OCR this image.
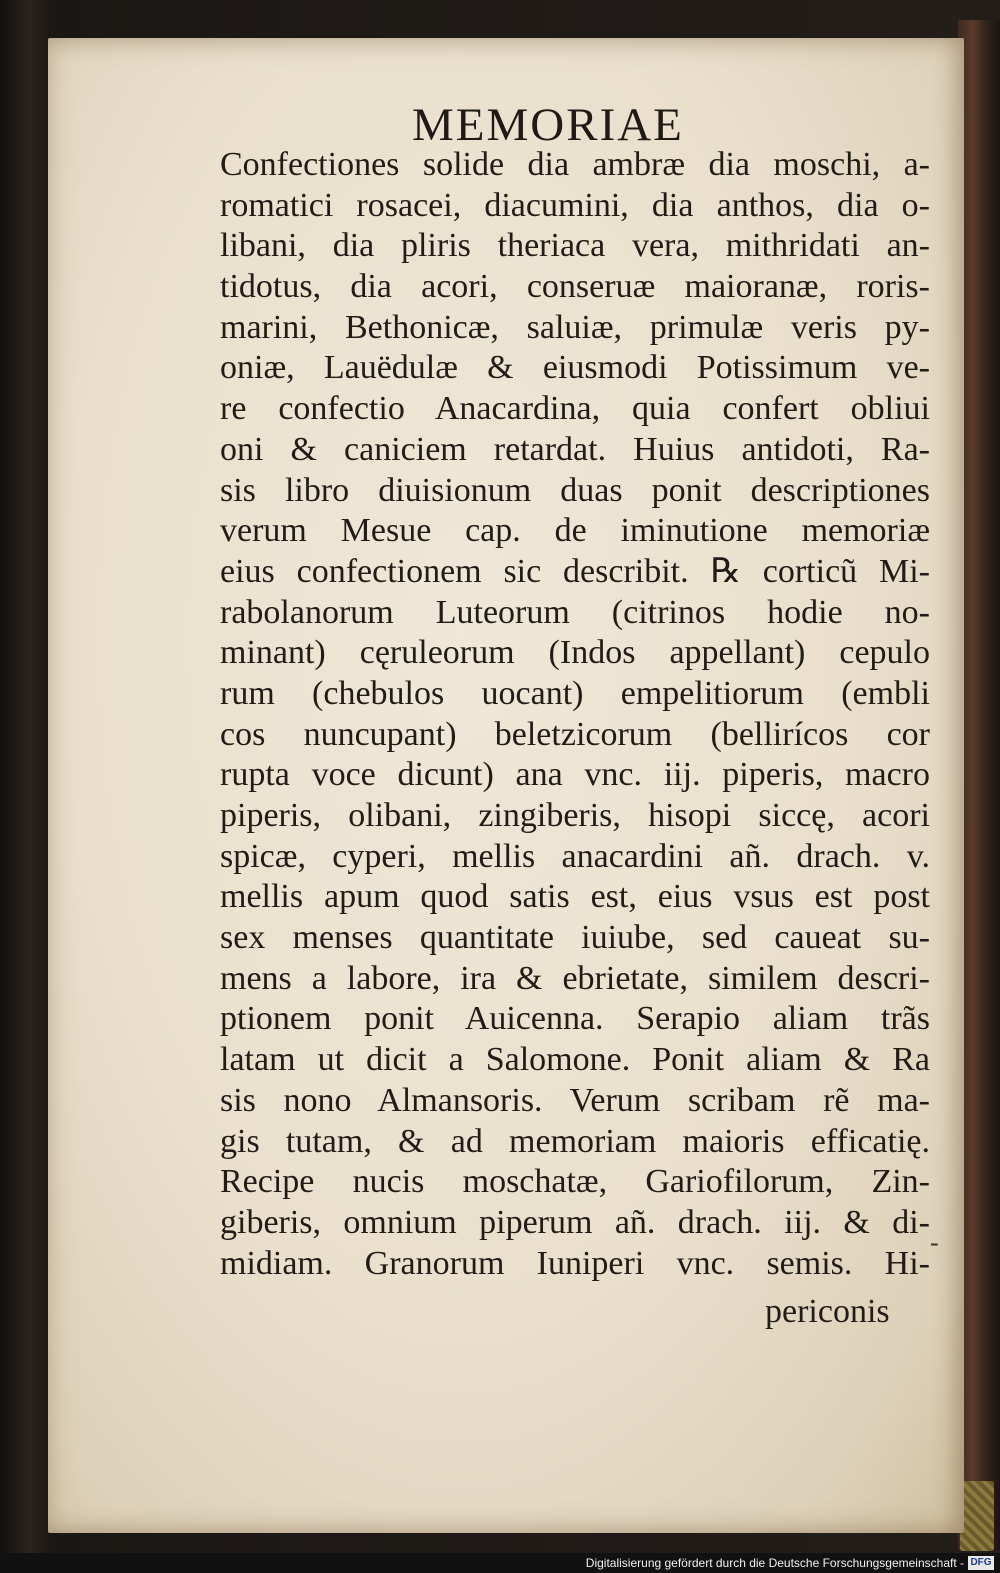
MEMORIAE
Confectiones solide dia ambræ dia moschi, a-
romatici rosacei, diacumini, dia anthos, dia o-
libani, dia pliris theriaca vera, mithridati an-
tidotus, dia acori, conseruæ maioranæ, roris-
marini, Bethonicæ, saluiæ, primulæ veris py-
oniæ, Lauëdulæ & eiusmodi Potissimum ve-
re confectio Anacardina, quia confert obliui
oni & caniciem retardat. Huius antidoti, Ra-
sis libro diuisionum duas ponit descriptiones
verum Mesue cap. de iminutione memoriæ
eius confectionem sic describit. ℞ corticũ Mi-
rabolanorum Luteorum (citrinos hodie no-
minant) cęruleorum (Indos appellant) cepulo
rum (chebulos uocant) empelitiorum (embli
cos nuncupant) beletzicorum (bellirícos cor
rupta voce dicunt) ana vnc. iij. piperis, macro
piperis, olibani, zingiberis, hisopi siccę, acori
spicæ, cyperi, mellis anacardini añ. drach. v.
mellis apum quod satis est, eius vsus est post
sex menses quantitate iuiube, sed caueat su-
mens a labore, ira & ebrietate, similem descri-
ptionem ponit Auicenna. Serapio aliam trãs
latam ut dicit a Salomone. Ponit aliam & Ra
sis nono Almansoris. Verum scribam rẽ ma-
gis tutam, & ad memoriam maioris efficatię.
Recipe nucis moschatæ, Gariofilorum, Zin-
giberis, omnium piperum añ. drach. iij. & di-
midiam. Granorum Iuniperi vnc. semis. Hi-

periconis

-
Digitalisierung gefördert durch die Deutsche Forschungsgemeinschaft - DFG
